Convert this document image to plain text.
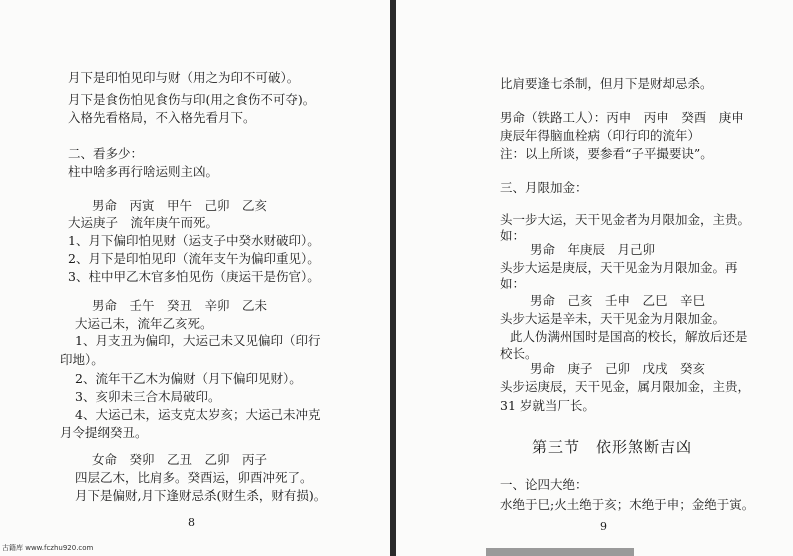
月下是印怕见印与财（用之为印不可破）。
月下是食伤怕见食伤与印(用之食伤不可夺)。
入格先看格局，不入格先看月下。
二、看多少：
柱中啥多再行啥运则主凶。
男命　丙寅　甲午　己卯　乙亥
大运庚子　流年庚午而死。
1、月下偏印怕见财（运支子中癸水财破印）。
2、月下是印怕见印（流年支午为偏印重见）。
3、柱中甲乙木官多怕见伤（庚运干是伤官）。
男命　壬午　癸丑　辛卯　乙未
大运己未，流年乙亥死。
1、月支丑为偏印，大运己未又见偏印（印行
印地）。
2、流年干乙木为偏财（月下偏印见财）。
3、亥卯未三合木局破印。
4、大运己未，运支克太岁亥；大运己未冲克
月令提纲癸丑。
女命　癸卯　乙丑　乙卯　丙子
四层乙木，比肩多。癸酉运，卯酉冲死了。
月下是偏财,月下逢财忌杀(财生杀，财有损)。
8
比肩要逢七杀制，但月下是财却忌杀。
男命（铁路工人）：丙申　丙申　癸酉　庚申
庚辰年得脑血栓病（印行印的流年）
注：以上所谈，要参看“子平撮要诀”。
三、月限加金：
头一步大运，天干见金者为月限加金，主贵。
如：
男命　年庚辰　月己卯
头步大运是庚辰，天干见金为月限加金。再
如：
男命　己亥　壬申　乙巳　辛巳
头步大运是辛未，天干见金为月限加金。
此人伪满州国时是国高的校长，解放后还是
校长。
男命　庚子　己卯　戊戌　癸亥
头步运庚辰，天干见金，属月限加金，主贵，
31 岁就当厂长。
第三节　依形煞断吉凶
一、论四大绝：
水绝于巳;火土绝于亥；木绝于申；金绝于寅。
9
古籍库 www.fczhu920.com
